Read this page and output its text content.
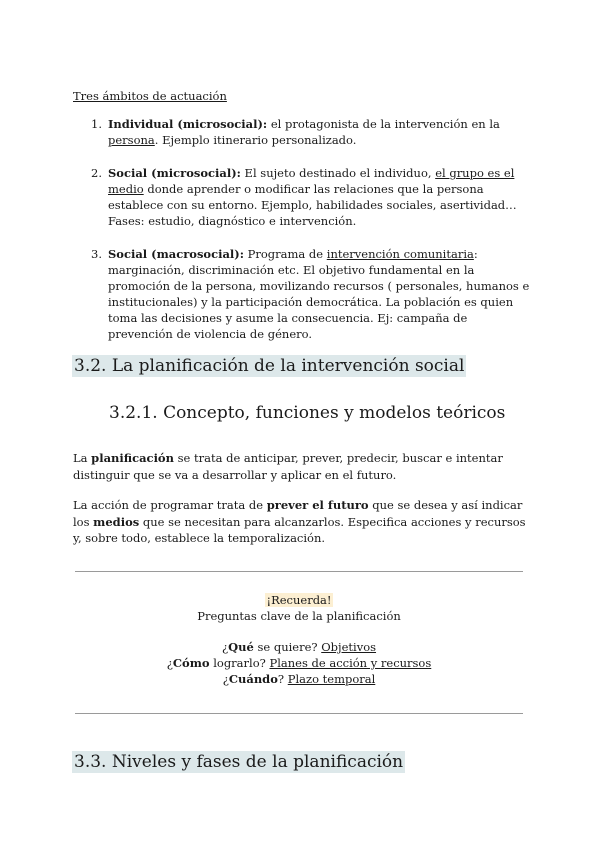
Tres ámbitos de actuación
1. Individual (microsocial): el protagonista de la intervención en la persona. Ejemplo itinerario personalizado.
2. Social (microsocial): El sujeto destinado el individuo, el grupo es el medio donde aprender o modificar las relaciones que la persona establece con su entorno. Ejemplo, habilidades sociales, asertividad… Fases: estudio, diagnóstico e intervención.
3. Social (macrosocial): Programa de intervención comunitaria: marginación, discriminación etc. El objetivo fundamental en la promoción de la persona, movilizando recursos ( personales, humanos e institucionales) y la participación democrática. La población es quien toma las decisiones y asume la consecuencia. Ej: campaña de prevención de violencia de género.
3.2. La planificación de la intervención social
3.2.1. Concepto, funciones y modelos teóricos

La planificación se trata de anticipar, prever, predecir, buscar e intentar distinguir que se va a desarrollar y aplicar en el futuro.

La acción de programar trata de prever el futuro que se desea y así indicar los medios que se necesitan para alcanzarlos. Especifica acciones y recursos y, sobre todo, establece la temporalización.

¡Recuerda!

Preguntas clave de la planificación

¿Qué se quiere? Objetivos

¿Cómo lograrlo? Planes de acción y recursos

¿Cuándo? Plazo temporal

3.3. Niveles y fases de la planificación
